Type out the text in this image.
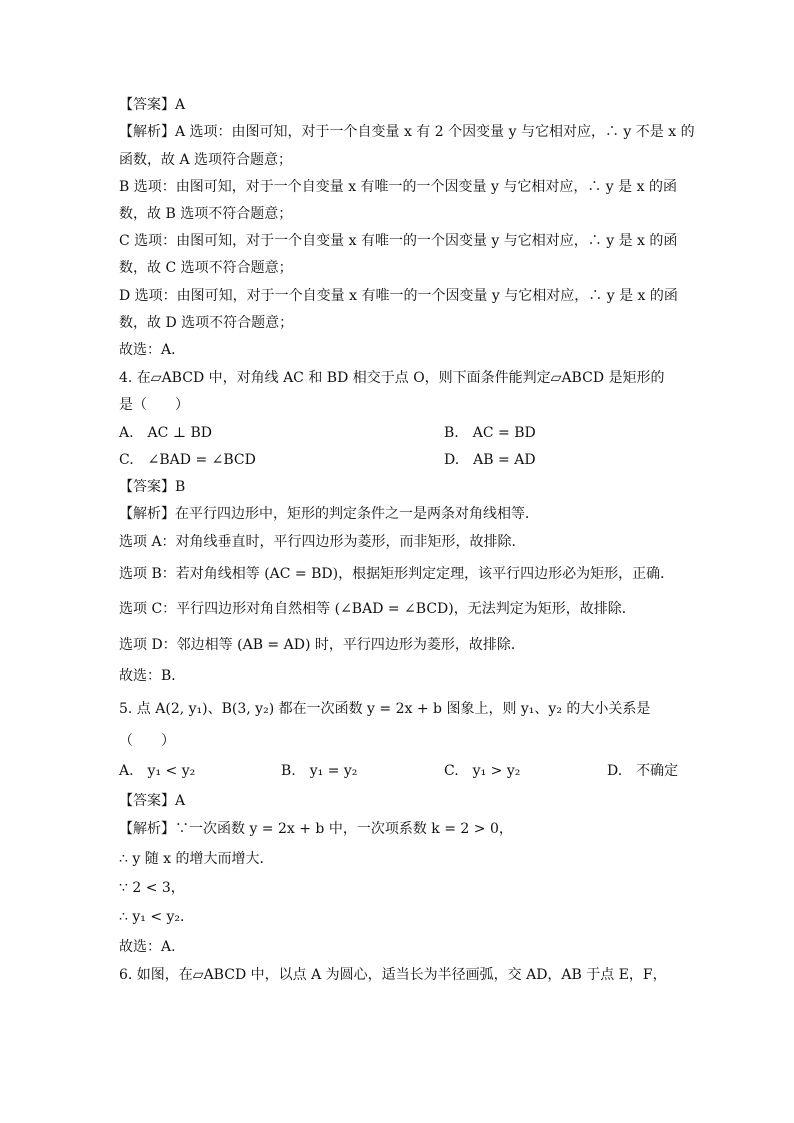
【答案】A
【解析】A 选项：由图可知，对于一个自变量 x 有 2 个因变量 y 与它相对应，∴ y 不是 x 的
函数，故 A 选项符合题意；
B 选项：由图可知，对于一个自变量 x 有唯一的一个因变量 y 与它相对应，∴ y 是 x 的函
数，故 B 选项不符合题意；
C 选项：由图可知，对于一个自变量 x 有唯一的一个因变量 y 与它相对应，∴ y 是 x 的函
数，故 C 选项不符合题意；
D 选项：由图可知，对于一个自变量 x 有唯一的一个因变量 y 与它相对应，∴ y 是 x 的函
数，故 D 选项不符合题意；
故选：A．
4. 在▱ABCD 中，对角线 AC 和 BD 相交于点 O，则下面条件能判定▱ABCD 是矩形的
是（　　）
【答案】B
【解析】在平行四边形中，矩形的判定条件之一是两条对角线相等．
选项 A：对角线垂直时，平行四边形为菱形，而非矩形，故排除．
选项 B：若对角线相等 (AC = BD)，根据矩形判定定理，该平行四边形必为矩形，正确．
选项 C：平行四边形对角自然相等 (∠BAD = ∠BCD)，无法判定为矩形，故排除．
选项 D：邻边相等 (AB = AD) 时，平行四边形为菱形，故排除．
故选：B．
5. 点 A(2, y₁)、B(3, y₂) 都在一次函数 y = 2x + b 图象上，则 y₁、y₂ 的大小关系是
（　　）
【答案】A
【解析】∵一次函数 y = 2x + b 中，一次项系数 k = 2 > 0，
∴ y 随 x 的增大而增大．
∵ 2 < 3，
∴ y₁ < y₂．
故选：A.
6. 如图，在▱ABCD 中，以点 A 为圆心，适当长为半径画弧，交 AD，AB 于点 E，F，
A.　AC ⊥ BD	B.　AC = BD
C.　∠BAD = ∠BCD	D.　AB = AD
A.　y₁ < y₂	B.　y₁ = y₂	C.　y₁ > y₂	D.　不确定
